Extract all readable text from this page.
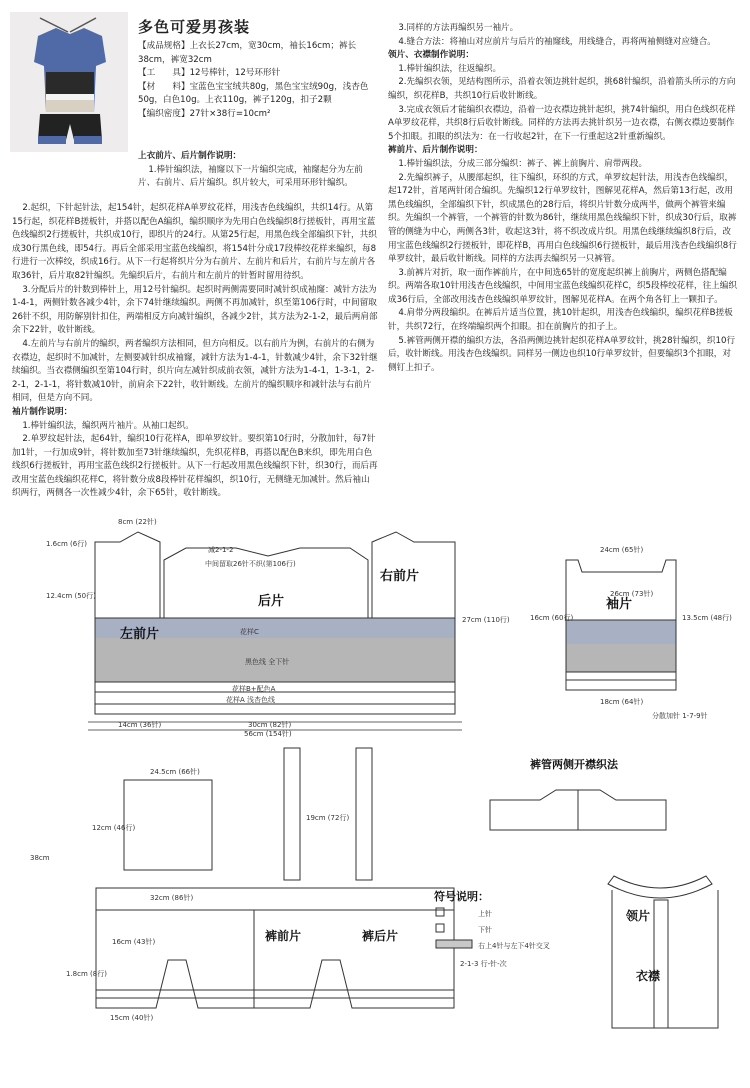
多色可爱男孩装

【成品规格】上衣长27cm，宽30cm，袖长16cm；裤长38cm，裤宽32cm

【工　　具】12号棒针，12号环形针

【材　　料】宝蓝色宝宝绒共80g，黑色宝宝绒90g，浅杏色50g，白色10g。上衣110g，裤子120g，扣子2颗

【编织密度】27针×38行=10cm²

上衣前片、后片制作说明：

1.棒针编织法，袖窿以下一片编织完成，袖窿起分为左前片、右前片、后片编织。织片较大，可采用环形针编织。

2.起织，下针起针法，起154针，起织花样A单罗纹花样，用浅杏色线编织，共织14行。从第15行起，织花样B搓板针，并搭以配色A编织，编织顺序为先用白色线编织8行搓板针，再用宝蓝色线编织2行搓板针，共织成10行，即织片的24行。从第25行起，用黑色线全部编织下针，共织成30行黑色线，即54行。再后全部采用宝蓝色线编织，将154针分成17段棒绞花样来编织，每8行进行一次棒绞，织成16行。从下一行起将织片分为右前片、左前片和后片，右前片与左前片各取36针，后片取82针编织。先编织后片，右前片和左前片的针暂时留用待织。

3.分配后片的针数到棒针上，用12号针编织。起织时两侧需要同时减针织成袖窿：减针方法为1-4-1，两侧针数各减少4针，余下74针继续编织。两侧不再加减针，织至第106行时，中间留取26针不织，用防解别针扣住，两端相反方向减针编织，各减少2针，其方法为2-1-2，最后两肩部余下22针，收针断线。

4.左前片与右前片的编织，两者编织方法相同，但方向相反。以右前片为例，右前片的右侧为衣襟边，起织时不加减针，左侧要减针织成袖窿，减针方法为1-4-1，针数减少4针，余下32针继续编织。当衣襟侧编织至第104行时，织片向左减针织成前衣领，减针方法为1-4-1，1-3-1，2-2-1，2-1-1，将针数减10针，前肩余下22针，收针断线。左前片的编织顺序和减针法与右前片相同，但是方向不同。

袖片制作说明：

1.棒针编织法，编织两片袖片。从袖口起织。

2.单罗纹起针法，起64针，编织10行花样A，即单罗纹针。要织第10行时，分散加针，每7针加1针，一行加成9针，将针数加至73针继续编织，先织花样B，再搭以配色B来织，即先用白色线织6行搓板针，再用宝蓝色线织2行搓板针。从下一行起改用黑色线编织下针，织30行，而后再改用宝蓝色线编织花样C，将针数分成8段棒针花样编织，织10行，无侧缝无加减针。然后袖山织两行，两侧各一次性减少4针，余下65针，收针断线。

3.同样的方法再编织另一袖片。

4.缝合方法：将袖山对应前片与后片的袖窿线，用线缝合，再将两袖侧缝对应缝合。

领片、衣襟制作说明：

1.棒针编织法，往返编织。

2.先编织衣领，见结构图所示，沿着衣领边挑针起织，挑68针编织，沿着箭头所示的方向编织，织花样B，共织10行后收针断线。

3.完成衣领后才能编织衣襟边，沿着一边衣襟边挑针起织，挑74针编织，用白色线织花样A单罗纹花样，共织8行后收针断线。同样的方法再去挑针织另一边衣襟，右侧衣襟边要制作5个扣眼。扣眼的织法为：在一行收起2针，在下一行重起这2针重新编织。

裤前片、后片制作说明：

1.棒针编织法，分成三部分编织：裤子、裤上前胸片、肩带两段。

2.先编织裤子，从腰部起织，往下编织，环织的方式，单罗纹起针法，用浅杏色线编织，起172针，首尾两针闭合编织。先编织12行单罗纹针，图解见花样A，然后第13行起，改用黑色线编织，全部编织下针，织成黑色的28行后，将织片针数分成两半，做两个裤管来编织。先编织一个裤管，一个裤管的针数为86针，继续用黑色线编织下针，织成30行后，取裤管的侧缝为中心，两侧各3针，收起这3针，将不织改成片织。用黑色线继续编织8行后，改用宝蓝色线编织2行搓板针，即花样B，再用白色线编织6行搓板针，最后用浅杏色线编织8行单罗纹针，最后收针断线。同样的方法再去编织另一只裤管。

3.前裤片对折，取一面作裤前片，在中间选65针的宽度起织裤上前胸片，两侧色搭配编织。两端各取10针用浅杏色线编织，中间用宝蓝色线编织花样C，织5段棒绞花样，往上编织成36行后，全部改用浅杏色线编织单罗纹针，图解见花样A。在两个角各钉上一颗扣子。

4.肩带分两段编织。在裤后片适当位置，挑10针起织，用浅杏色线编织，编织花样B搓板针，共织72行，在终端编织两个扣眼。扣在前胸片的扣子上。

5.裤管两侧开襟的编织方法，各沿两侧边挑针起织花样A单罗纹针，挑28针编织，织10行后，收针断线。用浅杏色线编织。同样另一侧边也织10行单罗纹针，但要编织3个扣眼，对侧钉上扣子。

左前片
右前片
后片
中间留取26针不织(第106行)
减2-1-2
花样C
黑色线 全下针
花样B+配色A
花样A 浅杏色线
14cm (36针)	30cm (82针)
56cm (154针)
27cm (110行)
8cm (22针)
1.6cm (6行)
12.4cm (50行)
袖片
24cm (65针)
26cm (73针)
16cm (60行)	13.5cm (48行)
18cm (64针)
分散加针 1-7-9针
裤前片	裤后片
24.5cm (66针)
32cm (86针)
38cm
15cm (40针)
12cm (46行)
19cm (72行)
16cm (43针)
1.8cm (8行)
裤管两侧开襟织法
符号说明：
上针
下针
右上4针与左下4针交叉
2-1-3 行-针-次
领片
衣襟
